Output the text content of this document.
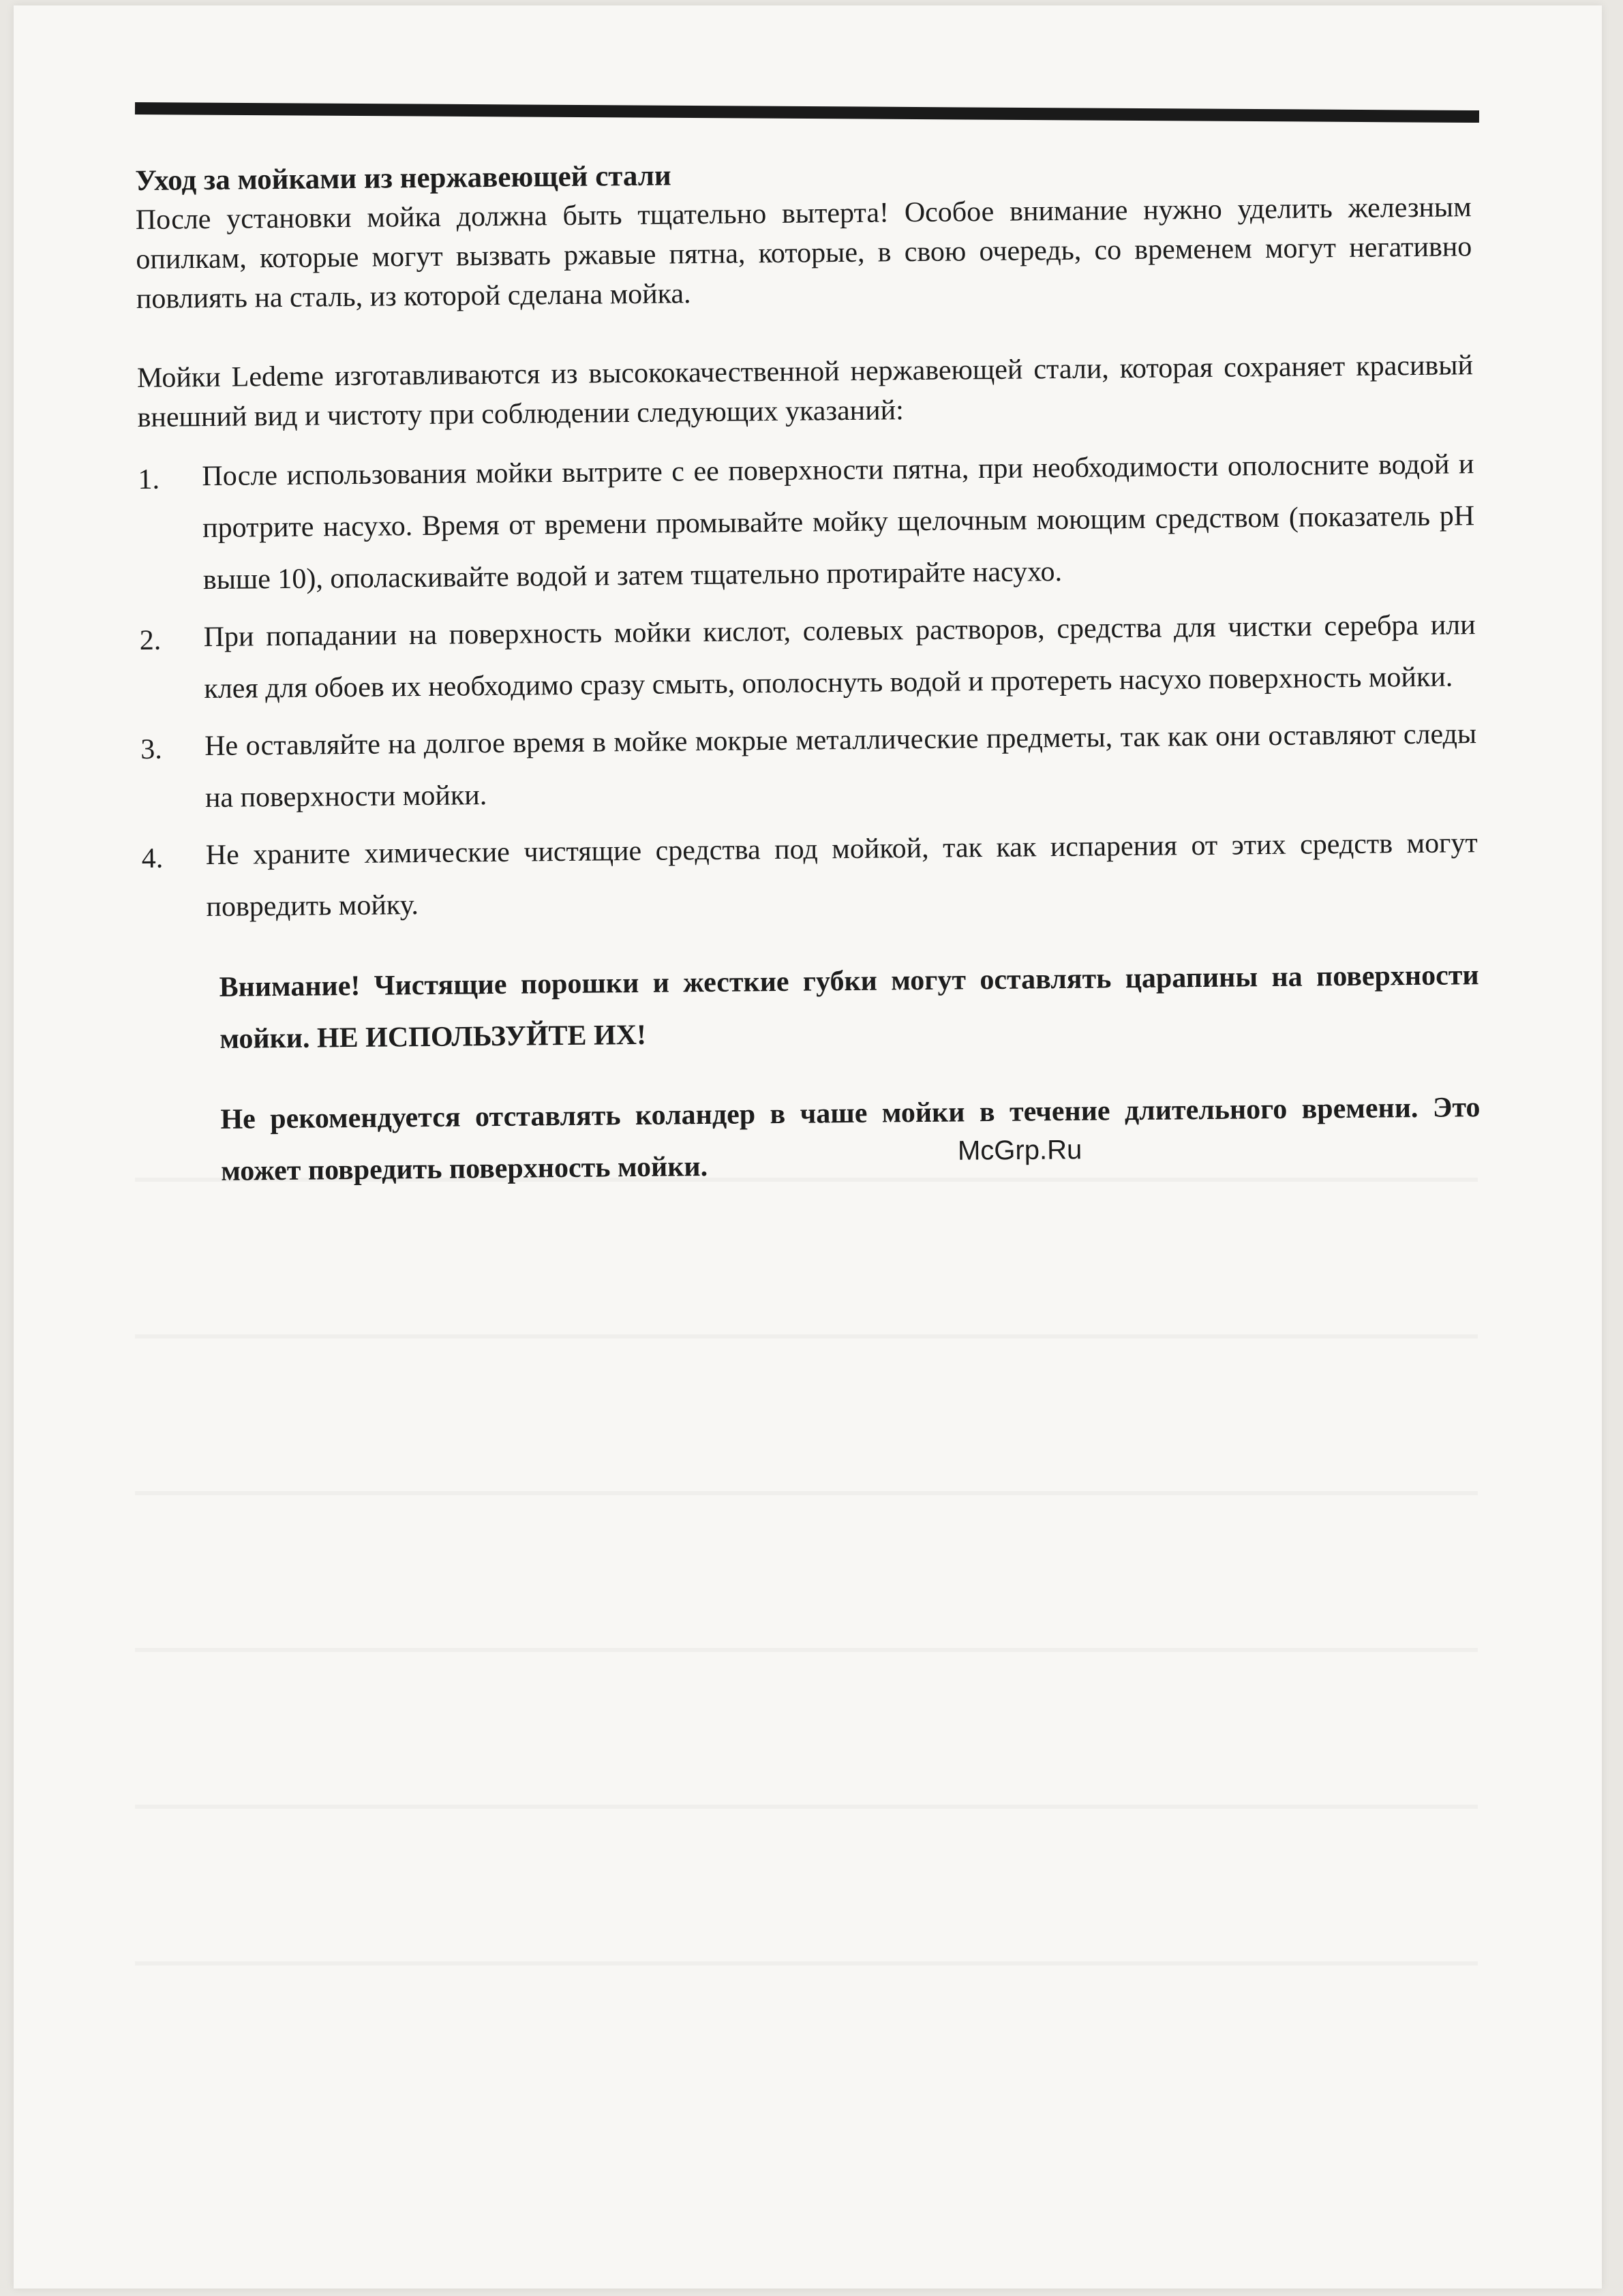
Уход за мойками из нержавеющей стали

После установки мойка должна быть тщательно вытерта! Особое внимание нужно уделить железным опилкам, которые могут вызвать ржавые пятна, которые, в свою очередь, со временем могут негативно повлиять на сталь, из которой сделана мойка.

Мойки Ledeme изготавливаются из высококачественной нержавеющей стали, которая сохраняет красивый внешний вид и чистоту при соблюдении следующих указаний:

1.	После использования мойки вытрите с ее поверхности пятна, при необходимости ополосните водой и протрите насухо. Время от времени промывайте мойку щелочным моющим средством (показатель pH выше 10), ополаскивайте водой и затем тщательно протирайте насухо.
2.	При попадании на поверхность мойки кислот, солевых растворов, средства для чистки серебра или клея для обоев их необходимо сразу смыть, ополоснуть водой и протереть насухо поверхность мойки.
3.	Не оставляйте на долгое время в мойке мокрые металлические предметы, так как они оставляют следы на поверхности мойки.
4.	Не храните химические чистящие средства под мойкой, так как испарения от этих средств могут повредить мойку.

Внимание! Чистящие порошки и жесткие губки могут оставлять царапины на поверхности мойки. НЕ ИСПОЛЬЗУЙТЕ ИХ!

Не рекомендуется отставлять коландер в чаше мойки в течение длительного времени. Это может повредить поверхность мойки.

McGrp.Ru
